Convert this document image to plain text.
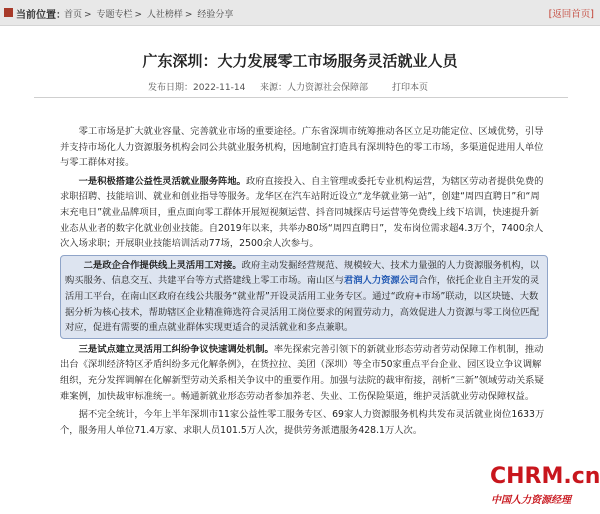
当前位置：
首页 > 专题专栏 > 人社榜样 > 经验分享	[返回首页]
广东深圳：大力发展零工市场服务灵活就业人员
发布日期：2022-11-14 来源：人力资源社会保障部	打印本页

零工市场是扩大就业容量、完善就业市场的重要途径。广东省深圳市统筹推动各区立足功能定位、区域优势，引导并支持市场化人力资源服务机构会同公共就业服务机构，因地制宜打造具有深圳特色的零工市场，多渠道促进用人单位与零工群体对接。

一是积极搭建公益性灵活就业服务阵地。政府直接投入、自主管理或委托专业机构运营，为辖区劳动者提供免费的求职招聘、技能培训、就业和创业指导等服务。龙华区在汽车站附近设立“龙华就业第一站”，创建“周四直聘日”和“周末充电日”就业品牌项目，重点面向零工群体开展短视频运营、抖音同城探店号运营等免费线上线下培训，快速提升新业态从业者的数字化就业创业技能。自2019年以来，共举办80场“周四直聘日”，发布岗位需求超4.3万个，7400余人次入场求职；开展职业技能培训活动77场，2500余人次参与。

二是政企合作提供线上灵活用工对接。政府主动发掘经营规范、规模较大、技术力量强的人力资源服务机构，以购买服务、信息交互、共建平台等方式搭建线上零工市场。南山区与君润人力资源公司合作，依托企业自主开发的灵活用工平台，在南山区政府在线公共服务“就业帮”开设灵活用工业务专区。通过“政府+市场”联动，以区块链、大数据分析为核心技术，帮助辖区企业精准筛选符合灵活用工岗位要求的闲置劳动力，高效促进人力资源与零工岗位匹配对应，促进有需要的重点就业群体实现更适合的灵活就业和多点兼职。

三是试点建立灵活用工纠纷争议快速调处机制。率先探索完善引领下的新就业形态劳动者劳动保障工作机制，推动出台《深圳经济特区矛盾纠纷多元化解条例》，在货拉拉、美团（深圳）等全市50家重点平台企业、园区设立争议调解组织，充分发挥调解在化解新型劳动关系相关争议中的重要作用。加强与法院的裁审衔接，剖析“三新”领域劳动关系疑难案例，加快裁审标准统一。畅通新就业形态劳动者参加养老、失业、工伤保险渠道，维护灵活就业劳动保障权益。

据不完全统计，今年上半年深圳市11家公益性零工服务专区、69家人力资源服务机构共发布灵活就业岗位1633万个，服务用人单位71.4万家、求职人员101.5万人次，提供劳务派遣服务428.1万人次。

CHRM.cn
中国人力资源经理
